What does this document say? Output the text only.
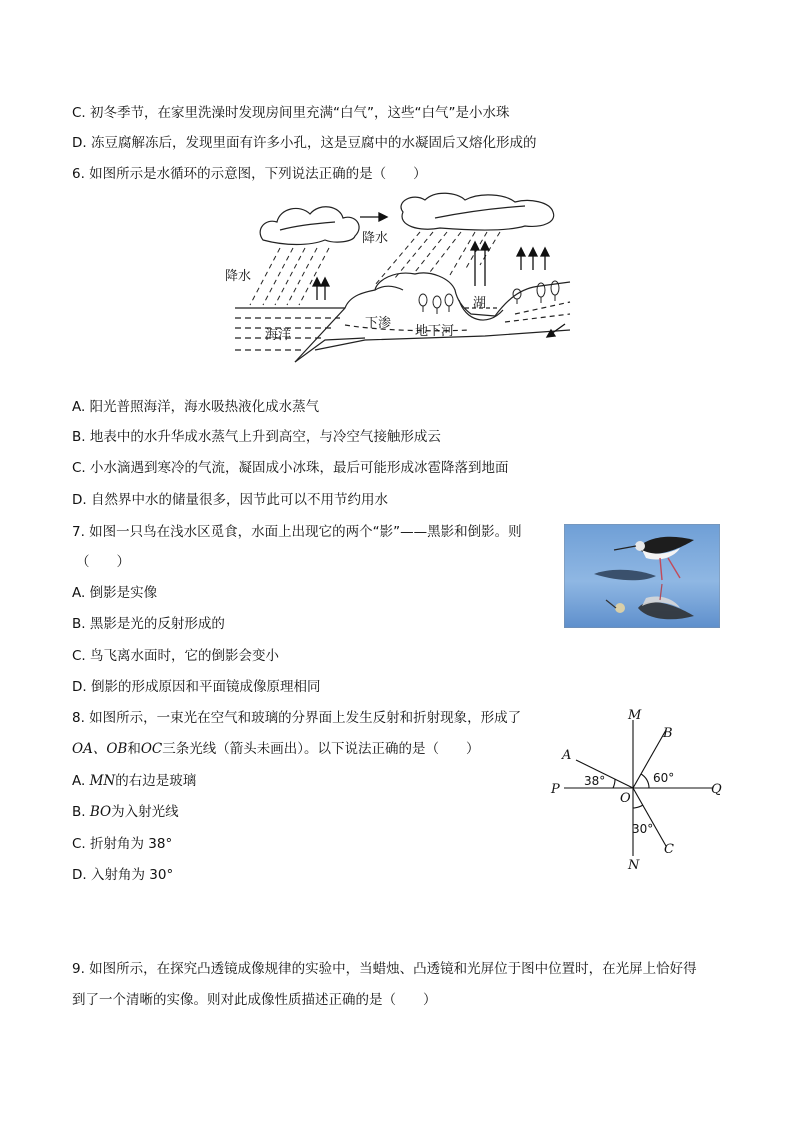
C. 初冬季节，在家里洗澡时发现房间里充满“白气”，这些“白气”是小水珠
D. 冻豆腐解冻后，发现里面有许多小孔，这是豆腐中的水凝固后又熔化形成的
6. 如图所示是水循环的示意图，下列说法正确的是（　　）
降水
降水
湖
海洋
下渗
地下河
A. 阳光普照海洋，海水吸热液化成水蒸气
B. 地表中的水升华成水蒸气上升到高空，与冷空气接触形成云
C. 小水滴遇到寒冷的气流，凝固成小冰珠，最后可能形成冰雹降落到地面
D. 自然界中水的储量很多，因节此可以不用节约用水
7. 如图一只鸟在浅水区觅食，水面上出现它的两个“影”——黑影和倒影。则
（　　）
A. 倒影是实像
B. 黑影是光的反射形成的
C. 鸟飞离水面时，它的倒影会变小
D. 倒影的形成原因和平面镜成像原理相同
8. 如图所示，一束光在空气和玻璃的分界面上发生反射和折射现象，形成了
OA、OB和OC三条光线（箭头未画出）。以下说法正确的是（　　）
A. MN的右边是玻璃
B. BO为入射光线
C. 折射角为 38°
D. 入射角为 30°
M
N
P	Q
O
A
B
C
38°	60°
30°
9. 如图所示，在探究凸透镜成像规律的实验中，当蜡烛、凸透镜和光屏位于图中位置时，在光屏上恰好得
到了一个清晰的实像。则对此成像性质描述正确的是（　　）
